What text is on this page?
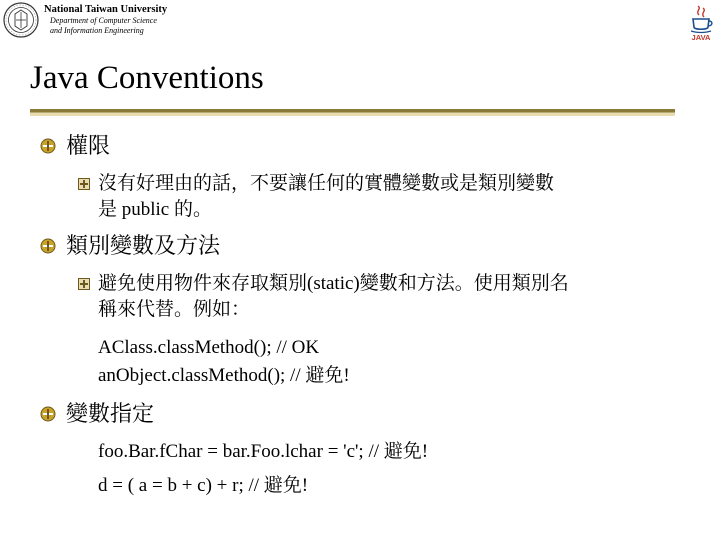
National Taiwan University
Department of Computer Science
and Information Engineering
JAVA
Java Conventions
權限
沒有好理由的話，不要讓任何的實體變數或是類別變數
是 public 的。
類別變數及方法
避免使用物件來存取類別(static)變數和方法。使用類別名
稱來代替。例如：
AClass.classMethod(); // OK
anObject.classMethod(); // 避免!
變數指定
foo.Bar.fChar = bar.Foo.lchar = 'c'; // 避免!
d = ( a = b + c) + r; // 避免!
